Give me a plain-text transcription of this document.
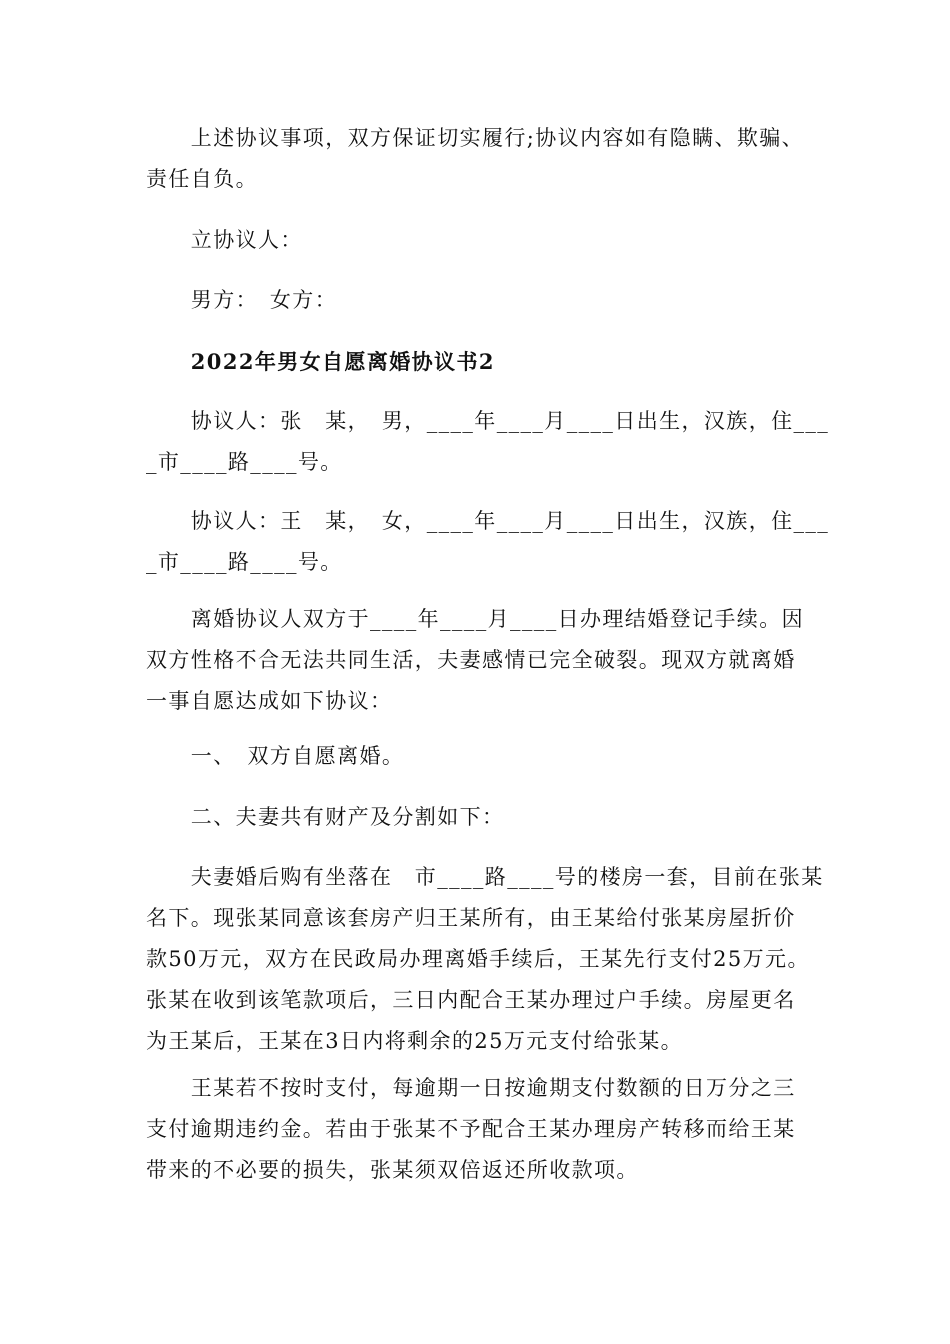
　　上述协议事项，双方保证切实履行;协议内容如有隐瞒、欺骗、
责任自负。
　　立协议人：
　　男方：　女方：
　　2022年男女自愿离婚协议书2
　　协议人：张　某，　男，____年____月____日出生，汉族，住___
_市____路____号。
　　协议人：王　某，　女，____年____月____日出生，汉族，住___
_市____路____号。
　　离婚协议人双方于____年____月____日办理结婚登记手续。因
双方性格不合无法共同生活，夫妻感情已完全破裂。现双方就离婚
一事自愿达成如下协议：
　　一、　双方自愿离婚。
　　二、夫妻共有财产及分割如下：
　　夫妻婚后购有坐落在　市____路____号的楼房一套，目前在张某
名下。现张某同意该套房产归王某所有，由王某给付张某房屋折价
款50万元，双方在民政局办理离婚手续后，王某先行支付25万元。
张某在收到该笔款项后，三日内配合王某办理过户手续。房屋更名
为王某后，王某在3日内将剩余的25万元支付给张某。
　　王某若不按时支付，每逾期一日按逾期支付数额的日万分之三
支付逾期违约金。若由于张某不予配合王某办理房产转移而给王某
带来的不必要的损失，张某须双倍返还所收款项。
